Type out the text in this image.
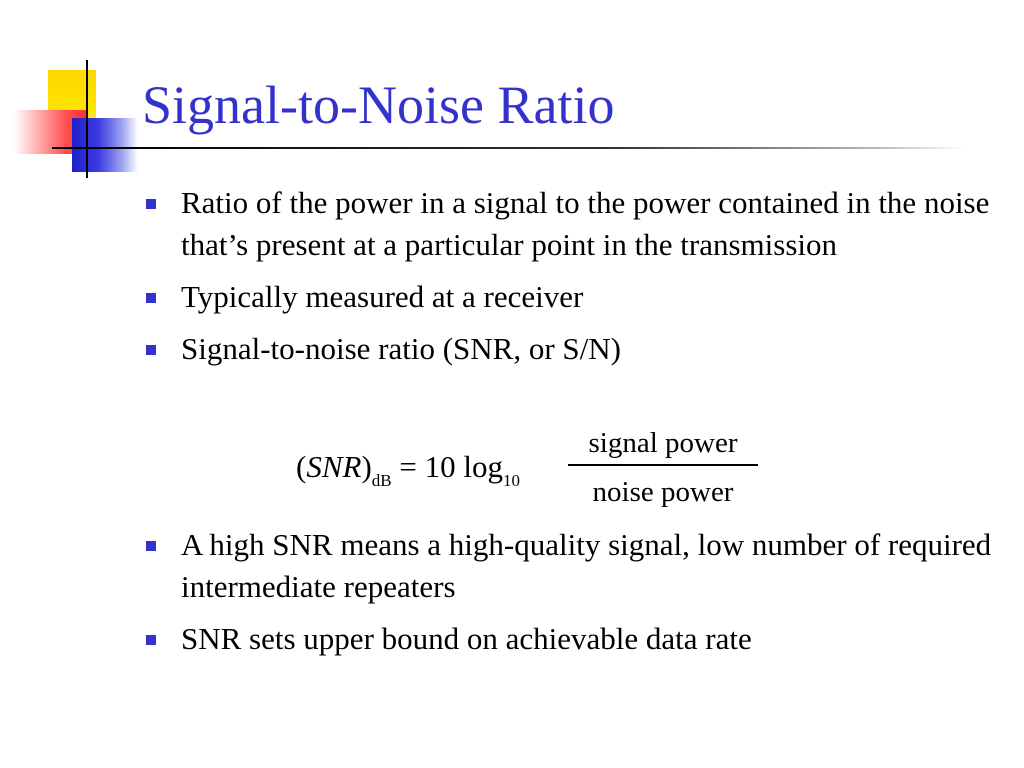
Signal-to-Noise Ratio
Ratio of the power in a signal to the power contained in the noise that’s present at a particular point in the transmission
Typically measured at a receiver
Signal-to-noise ratio (SNR, or S/N)
$(SNR)_{dB} = 10$ $\log_{10}$
signal power
noise power
A high SNR means a high-quality signal, low number of required intermediate repeaters
SNR sets upper bound on achievable data rate
